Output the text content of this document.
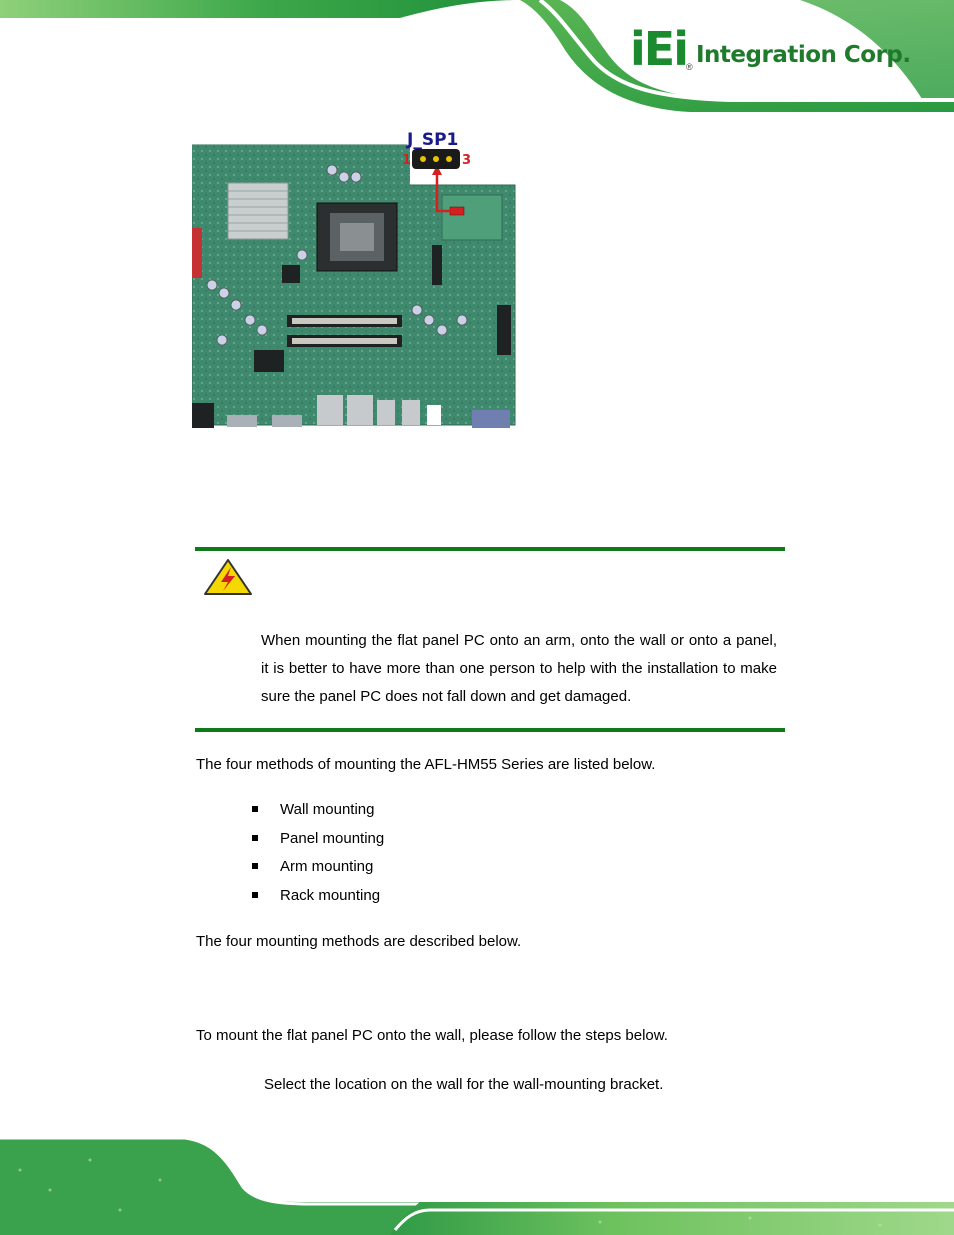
iEi ® Integration Corp.
J_SP1
1	3

When mounting the flat panel PC onto an arm, onto the wall or onto a panel, it is better to have more than one person to help with the installation to make sure the panel PC does not fall down and get damaged.

The four methods of mounting the AFL-HM55 Series are listed below.

Wall mounting
Panel mounting
Arm mounting
Rack mounting

The four mounting methods are described below.

To mount the flat panel PC onto the wall, please follow the steps below.

Select the location on the wall for the wall-mounting bracket.
